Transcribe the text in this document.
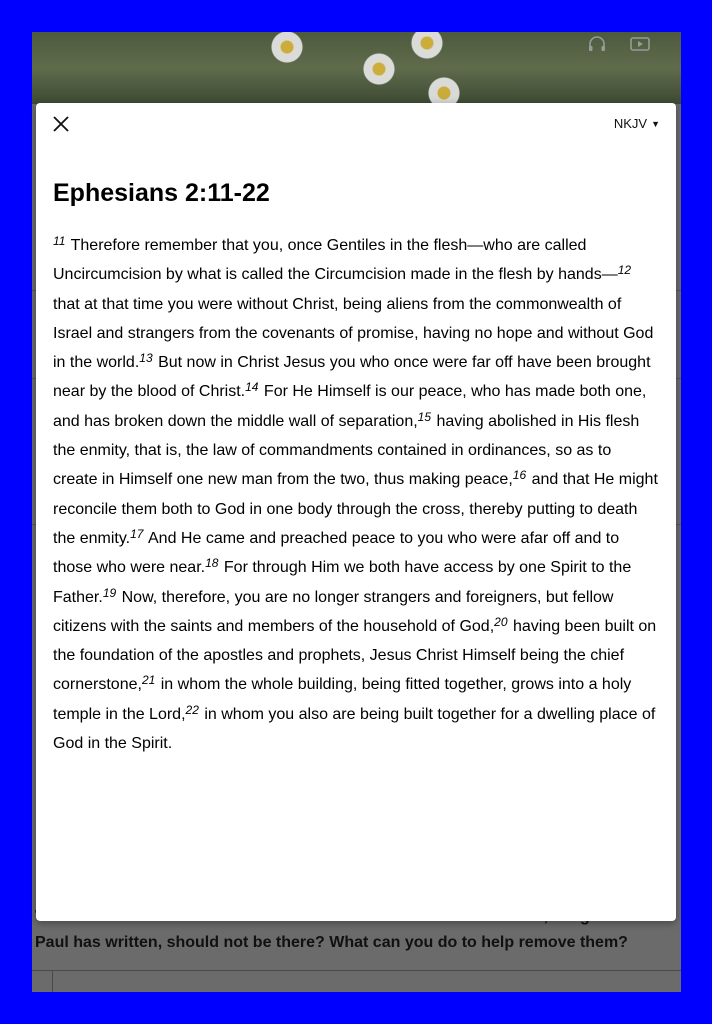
Paul has written, should not be there? What can you do to help remove them?
NKJV ▼
Ephesians 2:11-22
$^{11}$ Therefore remember that you, once Gentiles in the flesh—who are called Uncircumcision by what is called the Circumcision made in the flesh by hands—$^{12}$ that at that time you were without Christ, being aliens from the commonwealth of Israel and strangers from the covenants of promise, having no hope and without God in the world.$^{13}$ But now in Christ Jesus you who once were far off have been brought near by the blood of Christ.$^{14}$ For He Himself is our peace, who has made both one, and has broken down the middle wall of separation,$^{15}$ having abolished in His flesh the enmity, that is, the law of commandments contained in ordinances, so as to create in Himself one new man from the two, thus making peace,$^{16}$ and that He might reconcile them both to God in one body through the cross, thereby putting to death the enmity.$^{17}$ And He came and preached peace to you who were afar off and to those who were near.$^{18}$ For through Him we both have access by one Spirit to the Father.$^{19}$ Now, therefore, you are no longer strangers and foreigners, but fellow citizens with the saints and members of the household of God,$^{20}$ having been built on the foundation of the apostles and prophets, Jesus Christ Himself being the chief cornerstone,$^{21}$ in whom the whole building, being fitted together, grows into a holy temple in the Lord,$^{22}$ in whom you also are being built together for a dwelling place of God in the Spirit.
